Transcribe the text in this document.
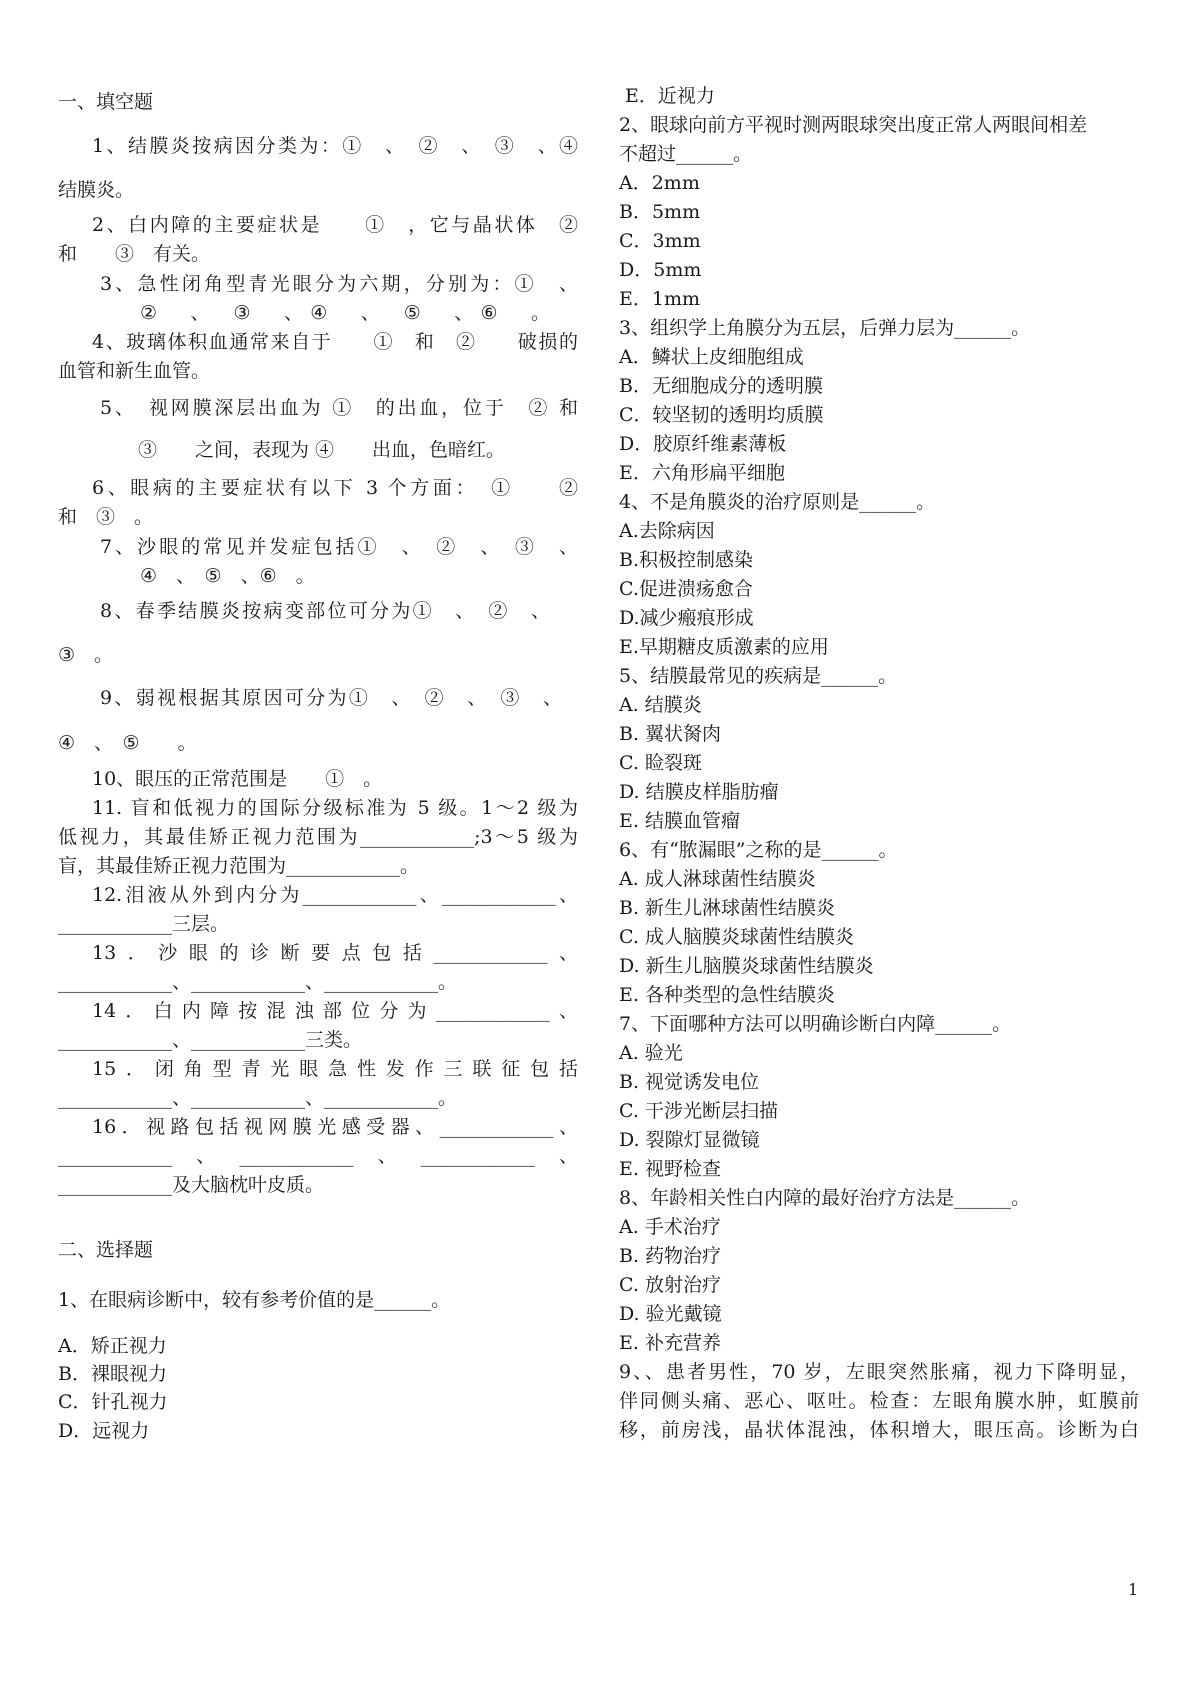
一、填空题
1、结膜炎按病因分类为：①　、　②　、　③　、④
结膜炎。
2、白内障的主要症状是　　①　，它与晶状体　②
和　　③　有关。
3、急性闭角型青光眼分为六期，分别为：①　、
②　、　③　、④　、　⑤　、⑥　。
4、玻璃体积血通常来自于　　①　和　②　　破损的
血管和新生血管。
5、　视网膜深层出血为 ①　的出血，位于　② 和
③　　之间，表现为 ④　　出血，色暗红。
6、眼病的主要症状有以下 3 个方面：　①　　②
和　③　。
7、沙眼的常见并发症包括①　、　②　、　③　、
④　、　⑤　、⑥　。
8、春季结膜炎按病变部位可分为①　、　②　、
③　。
9、弱视根据其原因可分为①　、　②　、　③　、
④　、　⑤　　。
10、眼压的正常范围是　　①　。
11. 盲和低视力的国际分级标准为 5 级。1～2 级为
低视力，其最佳矫正视力范围为____________;3～5 级为
盲，其最佳矫正视力范围为____________。
12.泪液从外到内分为____________、____________、
____________三层。
13．沙眼的诊断要点包括____________、
____________、____________、____________。
14．白内障按混浊部位分为____________、
____________、____________三类。
15．闭角型青光眼急性发作三联征包括
____________、____________、____________。
16．视路包括视网膜光感受器、____________、
____________、____________、____________、
____________及大脑枕叶皮质。
二、选择题
1、在眼病诊断中，较有参考价值的是______。
A．矫正视力
B．裸眼视力
C．针孔视力
D．远视力
E．近视力
2、眼球向前方平视时测两眼球突出度正常人两眼间相差
不超过______。
A．2mm
B．5mm
C．3mm
D．5mm
E．1mm
3、组织学上角膜分为五层，后弹力层为______。
A．鳞状上皮细胞组成
B．无细胞成分的透明膜
C．较坚韧的透明均质膜
D．胶原纤维素薄板
E．六角形扁平细胞
4、不是角膜炎的治疗原则是______。
A.去除病因
B.积极控制感染
C.促进溃疡愈合
D.减少瘢痕形成
E.早期糖皮质激素的应用
5、结膜最常见的疾病是______。
A. 结膜炎
B. 翼状胬肉
C. 睑裂斑
D. 结膜皮样脂肪瘤
E. 结膜血管瘤
6、有“脓漏眼”之称的是______。
A. 成人淋球菌性结膜炎
B. 新生儿淋球菌性结膜炎
C. 成人脑膜炎球菌性结膜炎
D. 新生儿脑膜炎球菌性结膜炎
E. 各种类型的急性结膜炎
7、下面哪种方法可以明确诊断白内障______。
A. 验光
B. 视觉诱发电位
C. 干涉光断层扫描
D. 裂隙灯显微镜
E. 视野检查
8、年龄相关性白内障的最好治疗方法是______。
A. 手术治疗
B. 药物治疗
C. 放射治疗
D. 验光戴镜
E. 补充营养
9、、患者男性，70 岁，左眼突然胀痛，视力下降明显，
伴同侧头痛、恶心、呕吐。检查：左眼角膜水肿，虹膜前
移，前房浅，晶状体混浊，体积增大，眼压高。诊断为白
1
